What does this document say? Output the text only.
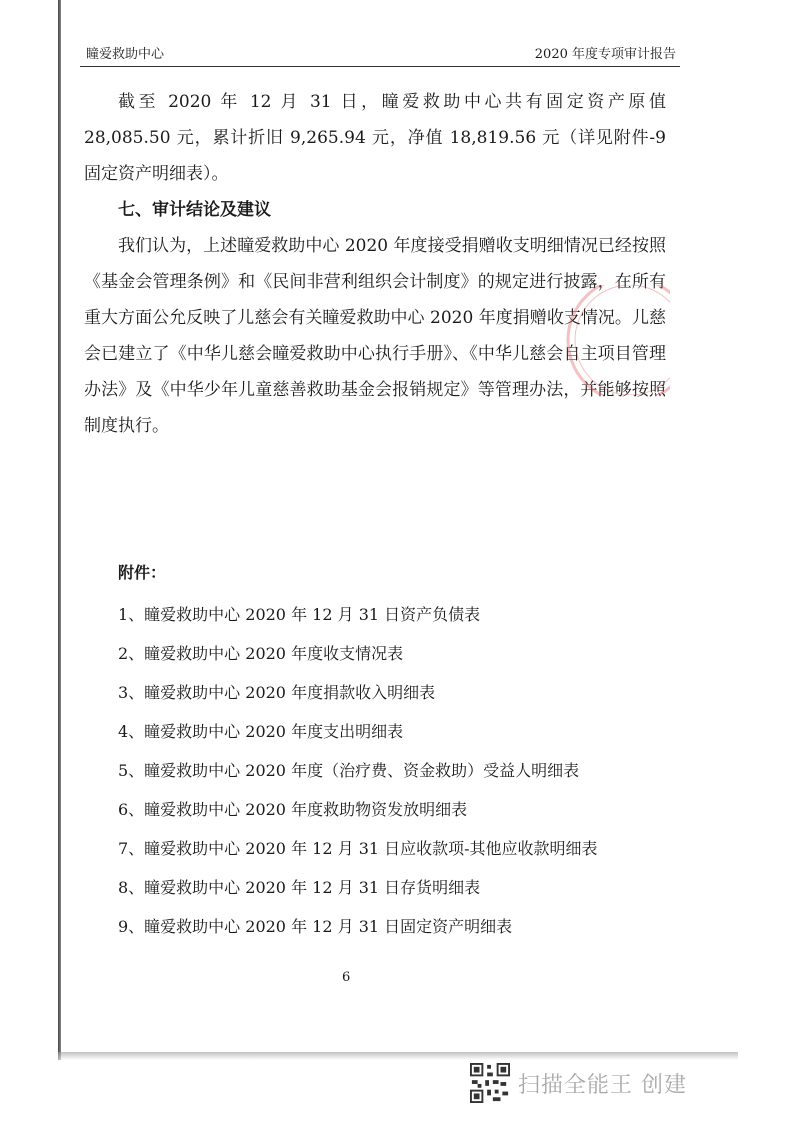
瞳爱救助中心	2020 年度专项审计报告

截至 2020 年 12 月 31 日，瞳爱救助中心共有固定资产原值 28,085.50 元，累计折旧 9,265.94 元，净值 18,819.56 元（详见附件-9 固定资产明细表）。

七、审计结论及建议

我们认为，上述瞳爱救助中心 2020 年度接受捐赠收支明细情况已经按照《基金会管理条例》和《民间非营利组织会计制度》的规定进行披露，在所有重大方面公允反映了儿慈会有关瞳爱救助中心 2020 年度捐赠收支情况。儿慈会已建立了《中华儿慈会瞳爱救助中心执行手册》、《中华儿慈会自主项目管理办法》及《中华少年儿童慈善救助基金会报销规定》等管理办法，并能够按照制度执行。

附件：
1、瞳爱救助中心 2020 年 12 月 31 日资产负债表
2、瞳爱救助中心 2020 年度收支情况表
3、瞳爱救助中心 2020 年度捐款收入明细表
4、瞳爱救助中心 2020 年度支出明细表
5、瞳爱救助中心 2020 年度（治疗费、资金救助）受益人明细表
6、瞳爱救助中心 2020 年度救助物资发放明细表
7、瞳爱救助中心 2020 年 12 月 31 日应收款项-其他应收款明细表
8、瞳爱救助中心 2020 年 12 月 31 日存货明细表
9、瞳爱救助中心 2020 年 12 月 31 日固定资产明细表
6
扫描全能王 创建
